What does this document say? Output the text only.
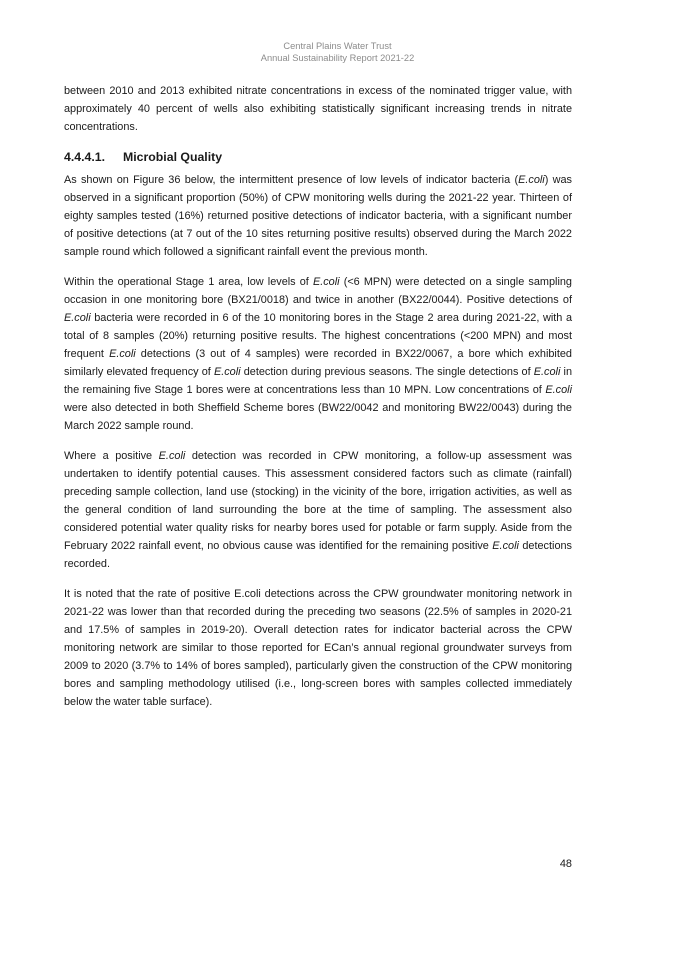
Central Plains Water Trust
Annual Sustainability Report 2021-22

between 2010 and 2013 exhibited nitrate concentrations in excess of the nominated trigger value, with approximately 40 percent of wells also exhibiting statistically significant increasing trends in nitrate concentrations.

4.4.4.1. Microbial Quality

As shown on Figure 36 below, the intermittent presence of low levels of indicator bacteria (E.coli) was observed in a significant proportion (50%) of CPW monitoring wells during the 2021-22 year. Thirteen of eighty samples tested (16%) returned positive detections of indicator bacteria, with a significant number of positive detections (at 7 out of the 10 sites returning positive results) observed during the March 2022 sample round which followed a significant rainfall event the previous month.

Within the operational Stage 1 area, low levels of E.coli (<6 MPN) were detected on a single sampling occasion in one monitoring bore (BX21/0018) and twice in another (BX22/0044). Positive detections of E.coli bacteria were recorded in 6 of the 10 monitoring bores in the Stage 2 area during 2021-22, with a total of 8 samples (20%) returning positive results. The highest concentrations (<200 MPN) and most frequent E.coli detections (3 out of 4 samples) were recorded in BX22/0067, a bore which exhibited similarly elevated frequency of E.coli detection during previous seasons. The single detections of E.coli in the remaining five Stage 1 bores were at concentrations less than 10 MPN. Low concentrations of E.coli were also detected in both Sheffield Scheme bores (BW22/0042 and monitoring BW22/0043) during the March 2022 sample round.

Where a positive E.coli detection was recorded in CPW monitoring, a follow-up assessment was undertaken to identify potential causes. This assessment considered factors such as climate (rainfall) preceding sample collection, land use (stocking) in the vicinity of the bore, irrigation activities, as well as the general condition of land surrounding the bore at the time of sampling. The assessment also considered potential water quality risks for nearby bores used for potable or farm supply. Aside from the February 2022 rainfall event, no obvious cause was identified for the remaining positive E.coli detections recorded.

It is noted that the rate of positive E.coli detections across the CPW groundwater monitoring network in 2021-22 was lower than that recorded during the preceding two seasons (22.5% of samples in 2020-21 and 17.5% of samples in 2019-20). Overall detection rates for indicator bacterial across the CPW monitoring network are similar to those reported for ECan’s annual regional groundwater surveys from 2009 to 2020 (3.7% to 14% of bores sampled), particularly given the construction of the CPW monitoring bores and sampling methodology utilised (i.e., long-screen bores with samples collected immediately below the water table surface).

48
